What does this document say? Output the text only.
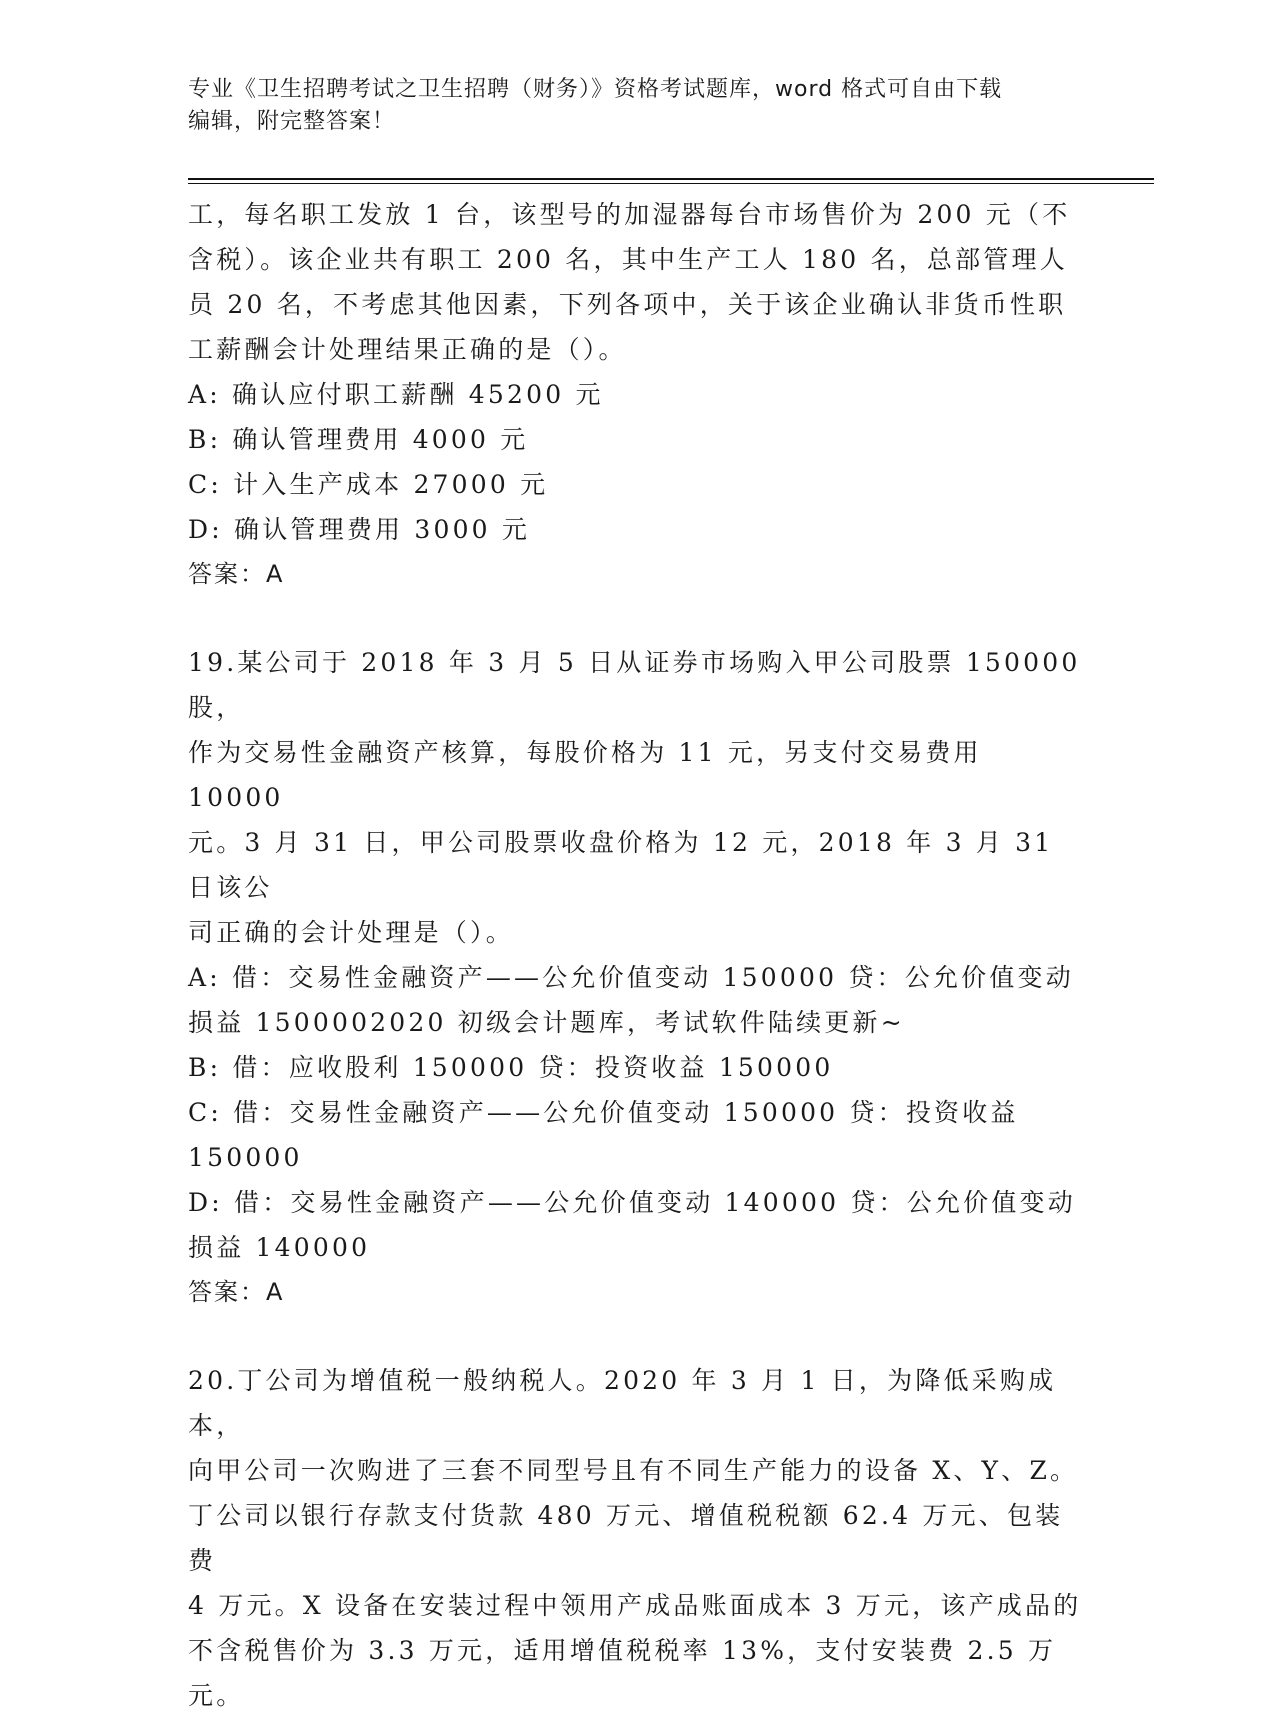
专业《卫生招聘考试之卫生招聘（财务）》资格考试题库，word 格式可自由下载
编辑，附完整答案！

工，每名职工发放 1 台，该型号的加湿器每台市场售价为 200 元（不

含税）。该企业共有职工 200 名，其中生产工人 180 名，总部管理人

员 20 名，不考虑其他因素，下列各项中，关于该企业确认非货币性职

工薪酬会计处理结果正确的是（）。

A: 确认应付职工薪酬 45200 元

B: 确认管理费用 4000 元

C: 计入生产成本 27000 元

D: 确认管理费用 3000 元

答案：A

19.某公司于 2018 年 3 月 5 日从证券市场购入甲公司股票 150000 股，

作为交易性金融资产核算，每股价格为 11 元，另支付交易费用 10000

元。3 月 31 日，甲公司股票收盘价格为 12 元，2018 年 3 月 31 日该公

司正确的会计处理是（）。

A: 借：交易性金融资产——公允价值变动 150000 贷：公允价值变动

损益 1500002020 初级会计题库，考试软件陆续更新~

B: 借：应收股利 150000 贷：投资收益 150000

C: 借：交易性金融资产——公允价值变动 150000 贷：投资收益

150000

D: 借：交易性金融资产——公允价值变动 140000 贷：公允价值变动

损益 140000

答案：A

20.丁公司为增值税一般纳税人。2020 年 3 月 1 日，为降低采购成本，

向甲公司一次购进了三套不同型号且有不同生产能力的设备 X、Y、Z。

丁公司以银行存款支付货款 480 万元、增值税税额 62.4 万元、包装费

4 万元。X 设备在安装过程中领用产成品账面成本 3 万元，该产成品的

不含税售价为 3.3 万元，适用增值税税率 13%，支付安装费 2.5 万元。
